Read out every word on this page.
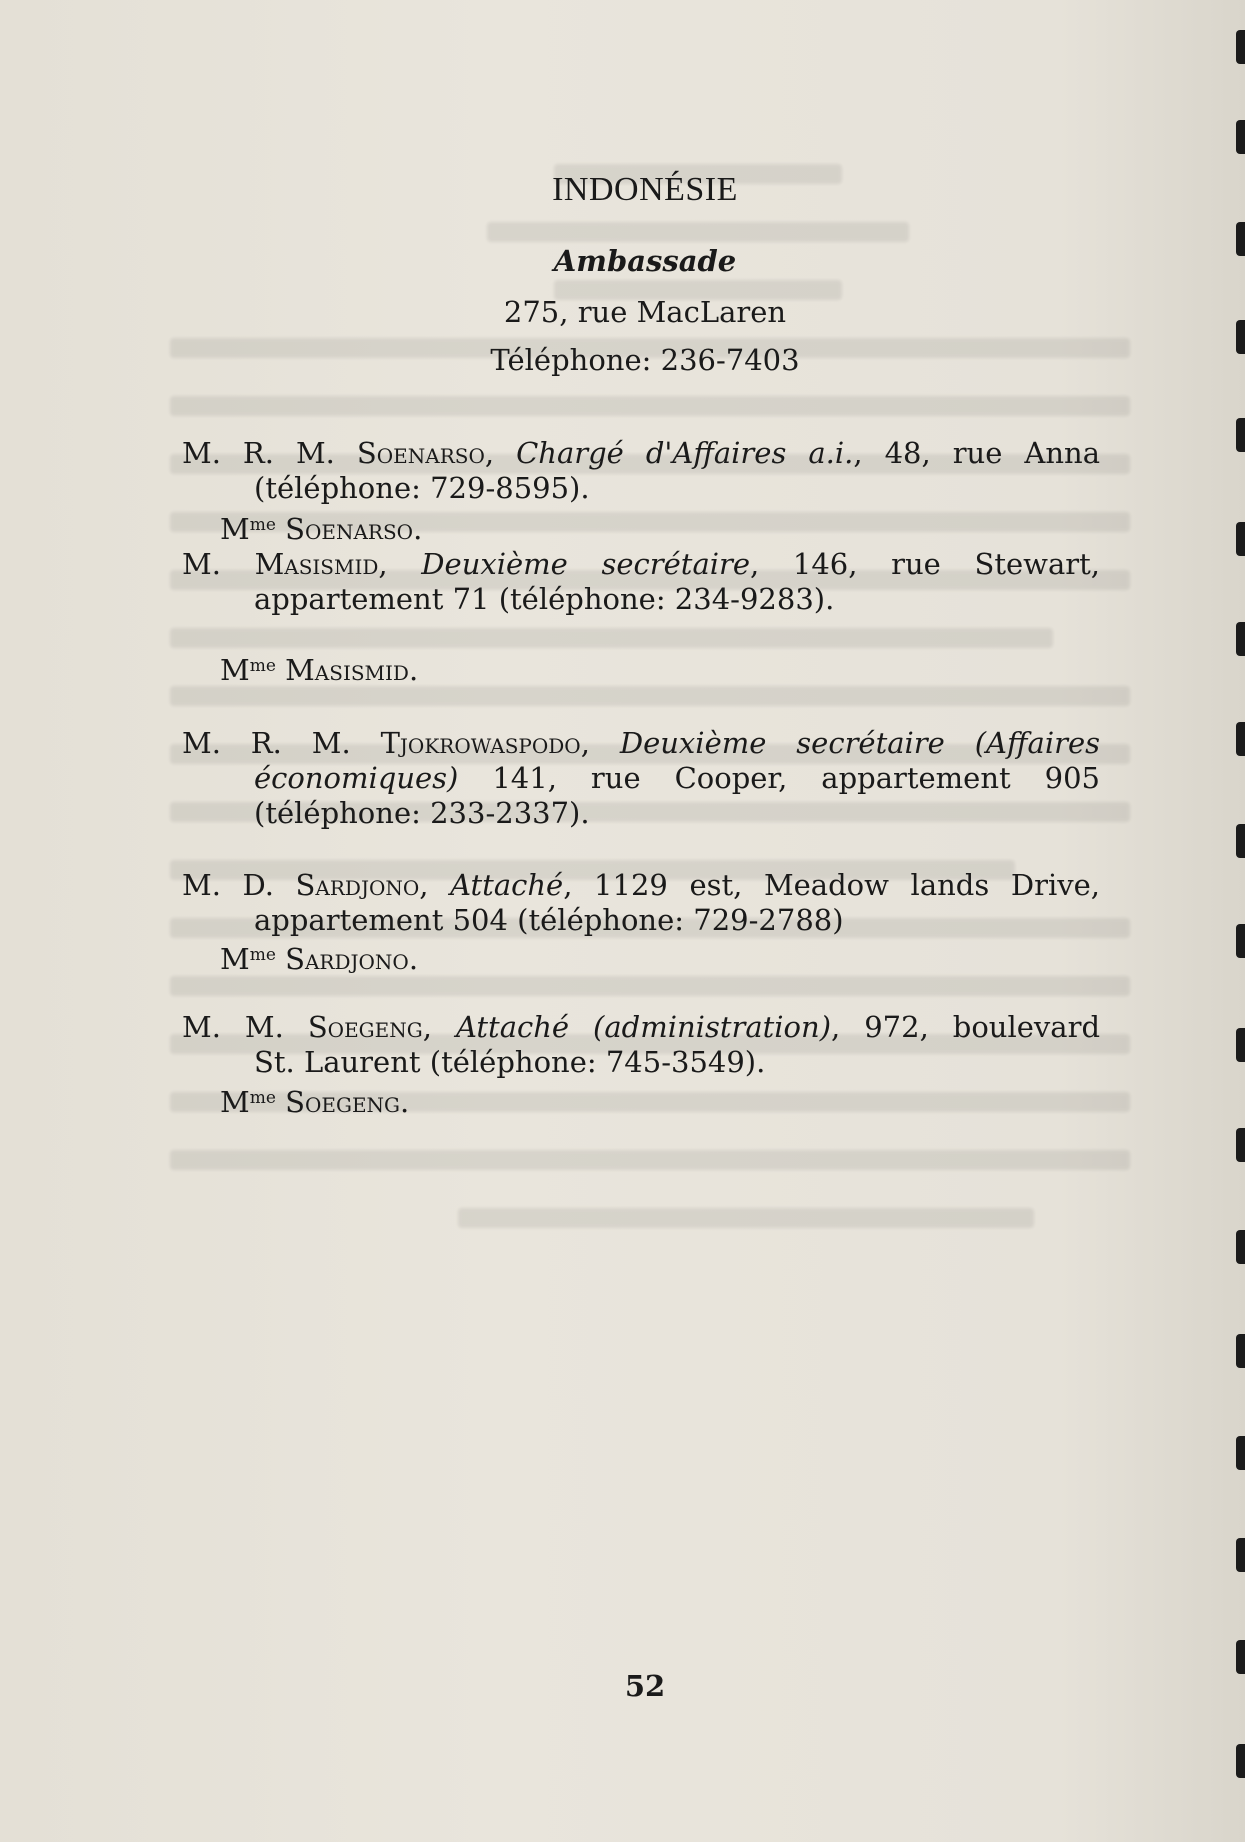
INDONÉSIE
Ambassade
275, rue MacLaren
Téléphone: 236-7403
M. R. M. Soenarso, Chargé d'Affaires a.i., 48, rue Anna
(téléphone: 729-8595).
$M^{me}$ Soenarso.
M. Masismid, Deuxième secrétaire, 146, rue Stewart,
appartement 71 (téléphone: 234-9283).
$M^{me}$ Masismid.
M. R. M. Tjokrowaspodo, Deuxième secrétaire (Affaires
économiques) 141, rue Cooper, appartement 905
(téléphone: 233-2337).
M. D. Sardjono, Attaché, 1129 est, Meadow lands Drive,
appartement 504 (téléphone: 729-2788)
$M^{me}$ Sardjono.
M. M. Soegeng, Attaché (administration), 972, boulevard
St. Laurent (téléphone: 745-3549).
$M^{me}$ Soegeng.
52
